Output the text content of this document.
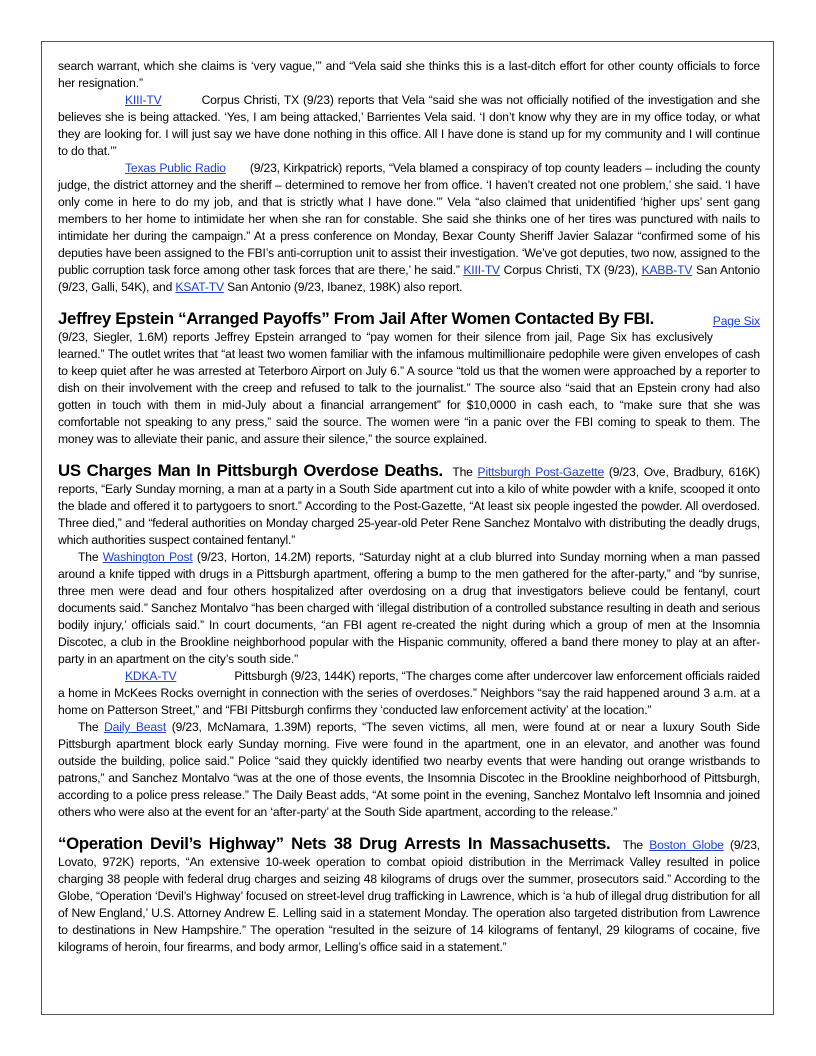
search warrant, which she claims is ‘very vague,’” and “Vela said she thinks this is a last-ditch effort for other county officials to force her resignation.”

KIII-TV	Corpus Christi, TX (9/23) reports that Vela “said she was not officially notified of the investigation and she believes she is being attacked. ‘Yes, I am being attacked,’ Barrientes Vela said. ‘I don’t know why they are in my office today, or what they are looking for. I will just say we have done nothing in this office. All I have done is stand up for my community and I will continue to do that.’”

Texas Public Radio (9/23, Kirkpatrick) reports, “Vela blamed a conspiracy of top county leaders – including the county judge, the district attorney and the sheriff – determined to remove her from office. ‘I haven’t created not one problem,’ she said. ‘I have only come in here to do my job, and that is strictly what I have done.’” Vela “also claimed that unidentified ‘higher ups’ sent gang members to her home to intimidate her when she ran for constable. She said she thinks one of her tires was punctured with nails to intimidate her during the campaign.” At a press conference on Monday, Bexar County Sheriff Javier Salazar “confirmed some of his deputies have been assigned to the FBI’s anti-corruption unit to assist their investigation. ‘We’ve got deputies, two now, assigned to the public corruption task force among other task forces that are there,’ he said.” KIII-TV Corpus Christi, TX (9/23), KABB-TV San Antonio (9/23, Galli, 54K), and KSAT-TV San Antonio (9/23, Ibanez, 198K) also report.

Jeffrey Epstein “Arranged Payoffs” From Jail After Women Contacted By FBI.	Page Six

(9/23, Siegler, 1.6M) reports Jeffrey Epstein arranged to “pay women for their silence from jail, Page Six has exclusively learned.” The outlet writes that “at least two women familiar with the infamous multimillionaire pedophile were given envelopes of cash to keep quiet after he was arrested at Teterboro Airport on July 6.” A source “told us that the women were approached by a reporter to dish on their involvement with the creep and refused to talk to the journalist.” The source also “said that an Epstein crony had also gotten in touch with them in mid-July about a financial arrangement” for $10,0000 in cash each, to “make sure that she was comfortable not speaking to any press,” said the source. The women were “in a panic over the FBI coming to speak to them. The money was to alleviate their panic, and assure their silence,” the source explained.

US Charges Man In Pittsburgh Overdose Deaths. The Pittsburgh Post-Gazette (9/23, Ove, Bradbury, 616K) reports, “Early Sunday morning, a man at a party in a South Side apartment cut into a kilo of white powder with a knife, scooped it onto the blade and offered it to partygoers to snort.” According to the Post-Gazette, “At least six people ingested the powder. All overdosed. Three died,” and “federal authorities on Monday charged 25-year-old Peter Rene Sanchez Montalvo with distributing the deadly drugs, which authorities suspect contained fentanyl.”

The Washington Post (9/23, Horton, 14.2M) reports, “Saturday night at a club blurred into Sunday morning when a man passed around a knife tipped with drugs in a Pittsburgh apartment, offering a bump to the men gathered for the after-party,” and “by sunrise, three men were dead and four others hospitalized after overdosing on a drug that investigators believe could be fentanyl, court documents said.” Sanchez Montalvo “has been charged with ‘illegal distribution of a controlled substance resulting in death and serious bodily injury,’ officials said.” In court documents, “an FBI agent re-created the night during which a group of men at the Insomnia Discotec, a club in the Brookline neighborhood popular with the Hispanic community, offered a band there money to play at an after-party in an apartment on the city’s south side.”

KDKA-TV	Pittsburgh (9/23, 144K) reports, “The charges come after undercover law enforcement officials raided a home in McKees Rocks overnight in connection with the series of overdoses.” Neighbors “say the raid happened around 3 a.m. at a home on Patterson Street,” and “FBI Pittsburgh confirms they ‘conducted law enforcement activity’ at the location.”

The Daily Beast (9/23, McNamara, 1.39M) reports, “The seven victims, all men, were found at or near a luxury South Side Pittsburgh apartment block early Sunday morning. Five were found in the apartment, one in an elevator, and another was found outside the building, police said.” Police “said they quickly identified two nearby events that were handing out orange wristbands to patrons,” and Sanchez Montalvo “was at the one of those events, the Insomnia Discotec in the Brookline neighborhood of Pittsburgh, according to a police press release.” The Daily Beast adds, “At some point in the evening, Sanchez Montalvo left Insomnia and joined others who were also at the event for an ‘after-party’ at the South Side apartment, according to the release.”

“Operation Devil’s Highway” Nets 38 Drug Arrests In Massachusetts. The Boston Globe (9/23, Lovato, 972K) reports, “An extensive 10-week operation to combat opioid distribution in the Merrimack Valley resulted in police charging 38 people with federal drug charges and seizing 48 kilograms of drugs over the summer, prosecutors said.” According to the Globe, “Operation ‘Devil’s Highway’ focused on street-level drug trafficking in Lawrence, which is ‘a hub of illegal drug distribution for all of New England,’ U.S. Attorney Andrew E. Lelling said in a statement Monday. The operation also targeted distribution from Lawrence to destinations in New Hampshire.” The operation “resulted in the seizure of 14 kilograms of fentanyl, 29 kilograms of cocaine, five kilograms of heroin, four firearms, and body armor, Lelling’s office said in a statement.”
